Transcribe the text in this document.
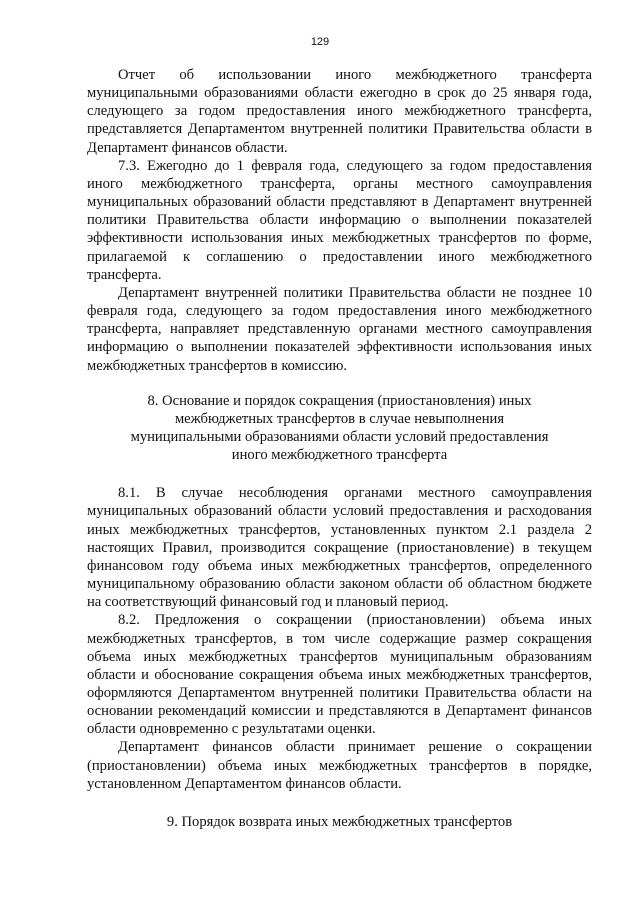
129

Отчет об использовании иного межбюджетного трансферта муниципальными образованиями области ежегодно в срок до 25 января года, следующего за годом предоставления иного межбюджетного трансферта, представляется Департаментом внутренней политики Правительства области в Департамент финансов области.

7.3. Ежегодно до 1 февраля года, следующего за годом предоставления иного межбюджетного трансферта, органы местного самоуправления муниципальных образований области представляют в Департамент внутренней политики Правительства области информацию о выполнении показателей эффективности использования иных межбюджетных трансфертов по форме, прилагаемой к соглашению о предоставлении иного межбюджетного трансферта.

Департамент внутренней политики Правительства области не позднее 10 февраля года, следующего за годом предоставления иного межбюджетного трансферта, направляет представленную органами местного самоуправления информацию о выполнении показателей эффективности использования иных межбюджетных трансфертов в комиссию.

8. Основание и порядок сокращения (приостановления) иных межбюджетных трансфертов в случае невыполнения муниципальными образованиями области условий предоставления иного межбюджетного трансферта

8.1. В случае несоблюдения органами местного самоуправления муниципальных образований области условий предоставления и расходования иных межбюджетных трансфертов, установленных пунктом 2.1 раздела 2 настоящих Правил, производится сокращение (приостановление) в текущем финансовом году объема иных межбюджетных трансфертов, определенного муниципальному образованию области законом области об областном бюджете на соответствующий финансовый год и плановый период.

8.2. Предложения о сокращении (приостановлении) объема иных межбюджетных трансфертов, в том числе содержащие размер сокращения объема иных межбюджетных трансфертов муниципальным образованиям области и обоснование сокращения объема иных межбюджетных трансфертов, оформляются Департаментом внутренней политики Правительства области на основании рекомендаций комиссии и представляются в Департамент финансов области одновременно с результатами оценки.

Департамент финансов области принимает решение о сокращении (приостановлении) объема иных межбюджетных трансфертов в порядке, установленном Департаментом финансов области.

9. Порядок возврата иных межбюджетных трансфертов
